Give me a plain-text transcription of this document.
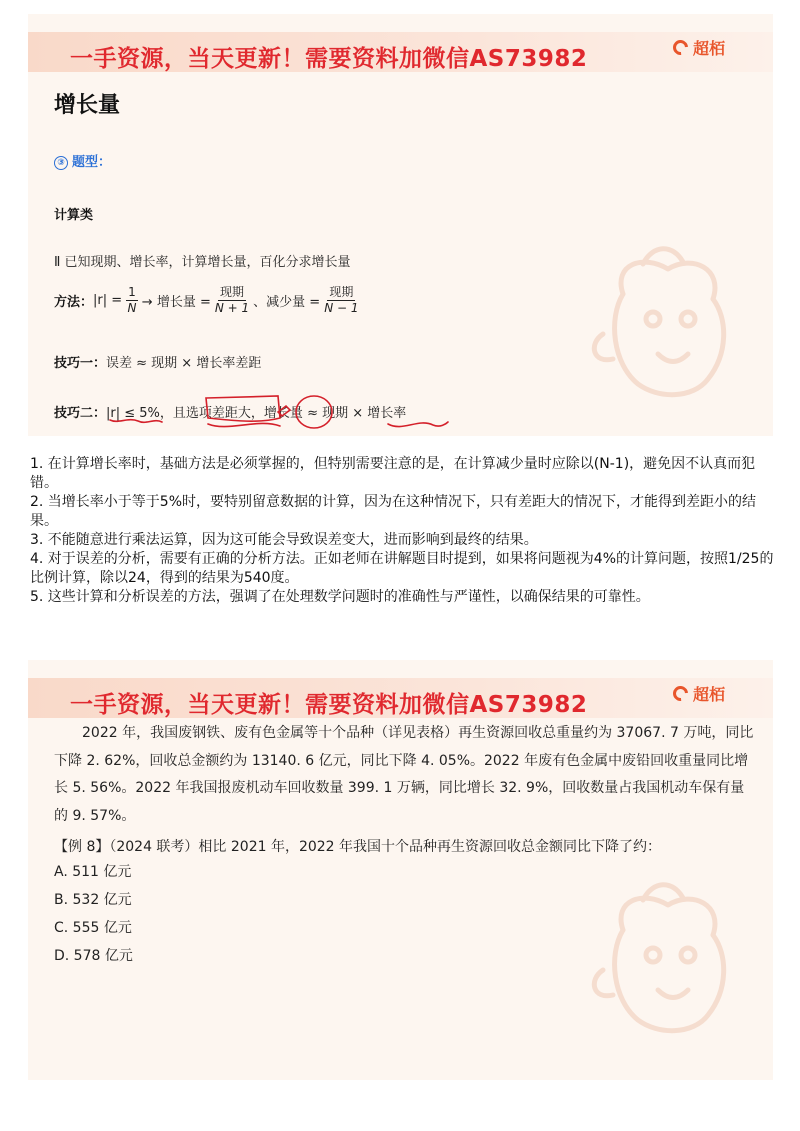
一手资源，当天更新！需要资料加微信AS73982	超栢
增长量
③ 题型：
计算类
Ⅱ 已知现期、增长率，计算增长量，百化分求增长量
方法： $|r| = \frac{1}{N}$ → 增长量 = $\frac{\text{现期}}{N + 1}$ 、减少量 = $\frac{\text{现期}}{N - 1}$
技巧一：误差 ≈ 现期 × 增长率差距
技巧二：|r| ≤ 5%，且选项差距大，增长量 ≈ 现期 × 增长率

1. 在计算增长率时，基础方法是必须掌握的，但特别需要注意的是，在计算减少量时应除以(N-1)，避免因不认真而犯错。

2. 当增长率小于等于5%时，要特别留意数据的计算，因为在这种情况下，只有差距大的情况下，才能得到差距小的结果。

3. 不能随意进行乘法运算，因为这可能会导致误差变大，进而影响到最终的结果。

4. 对于误差的分析，需要有正确的分析方法。正如老师在讲解题目时提到，如果将问题视为4%的计算问题，按照1/25的比例计算，除以24，得到的结果为540度。

5. 这些计算和分析误差的方法，强调了在处理数学问题时的准确性与严谨性，以确保结果的可靠性。

一手资源，当天更新！需要资料加微信AS73982	超栢
2022 年，我国废钢铁、废有色金属等十个品种（详见表格）再生资源回收总重量约为 37067. 7 万吨，同比下降 2. 62%，回收总金额约为 13140. 6 亿元，同比下降 4. 05%。2022 年废有色金属中废铅回收重量同比增长 5. 56%。2022 年我国报废机动车回收数量 399. 1 万辆，同比增长 32. 9%，回收数量占我国机动车保有量的 9. 57%。
【例 8】（2024 联考）相比 2021 年，2022 年我国十个品种再生资源回收总金额同比下降了约：
A. 511 亿元
B. 532 亿元
C. 555 亿元
D. 578 亿元
